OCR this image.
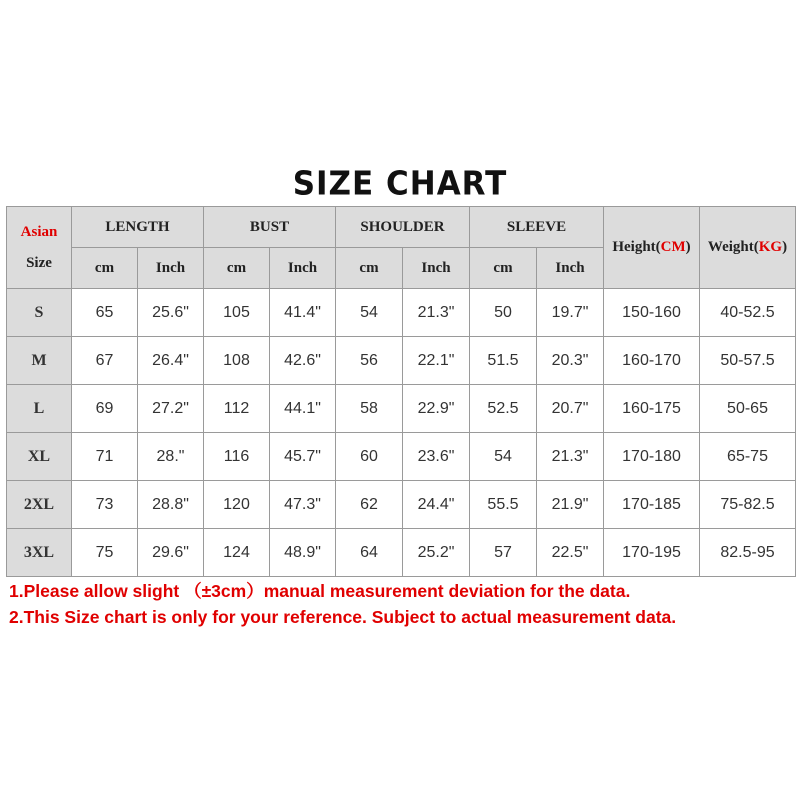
SIZE CHART
Asian
Size	LENGTH		BUST		SHOULDER		SLEEVE		Height(CM)	Weight(KG)
	cm	Inch	cm	Inch	cm	Inch	cm	Inch		
S	65	25.6"	105	41.4"	54	21.3"	50	19.7"	150-160	40-52.5
M	67	26.4"	108	42.6"	56	22.1"	51.5	20.3"	160-170	50-57.5
L	69	27.2"	112	44.1"	58	22.9"	52.5	20.7"	160-175	50-65
XL	71	28."	116	45.7"	60	23.6"	54	21.3"	170-180	65-75
2XL	73	28.8"	120	47.3"	62	24.4"	55.5	21.9"	170-185	75-82.5
3XL	75	29.6"	124	48.9"	64	25.2"	57	22.5"	170-195	82.5-95
1.Please allow slight （±3cm）manual measurement deviation for the data.
2.This Size chart is only for your reference. Subject to actual measurement data.
